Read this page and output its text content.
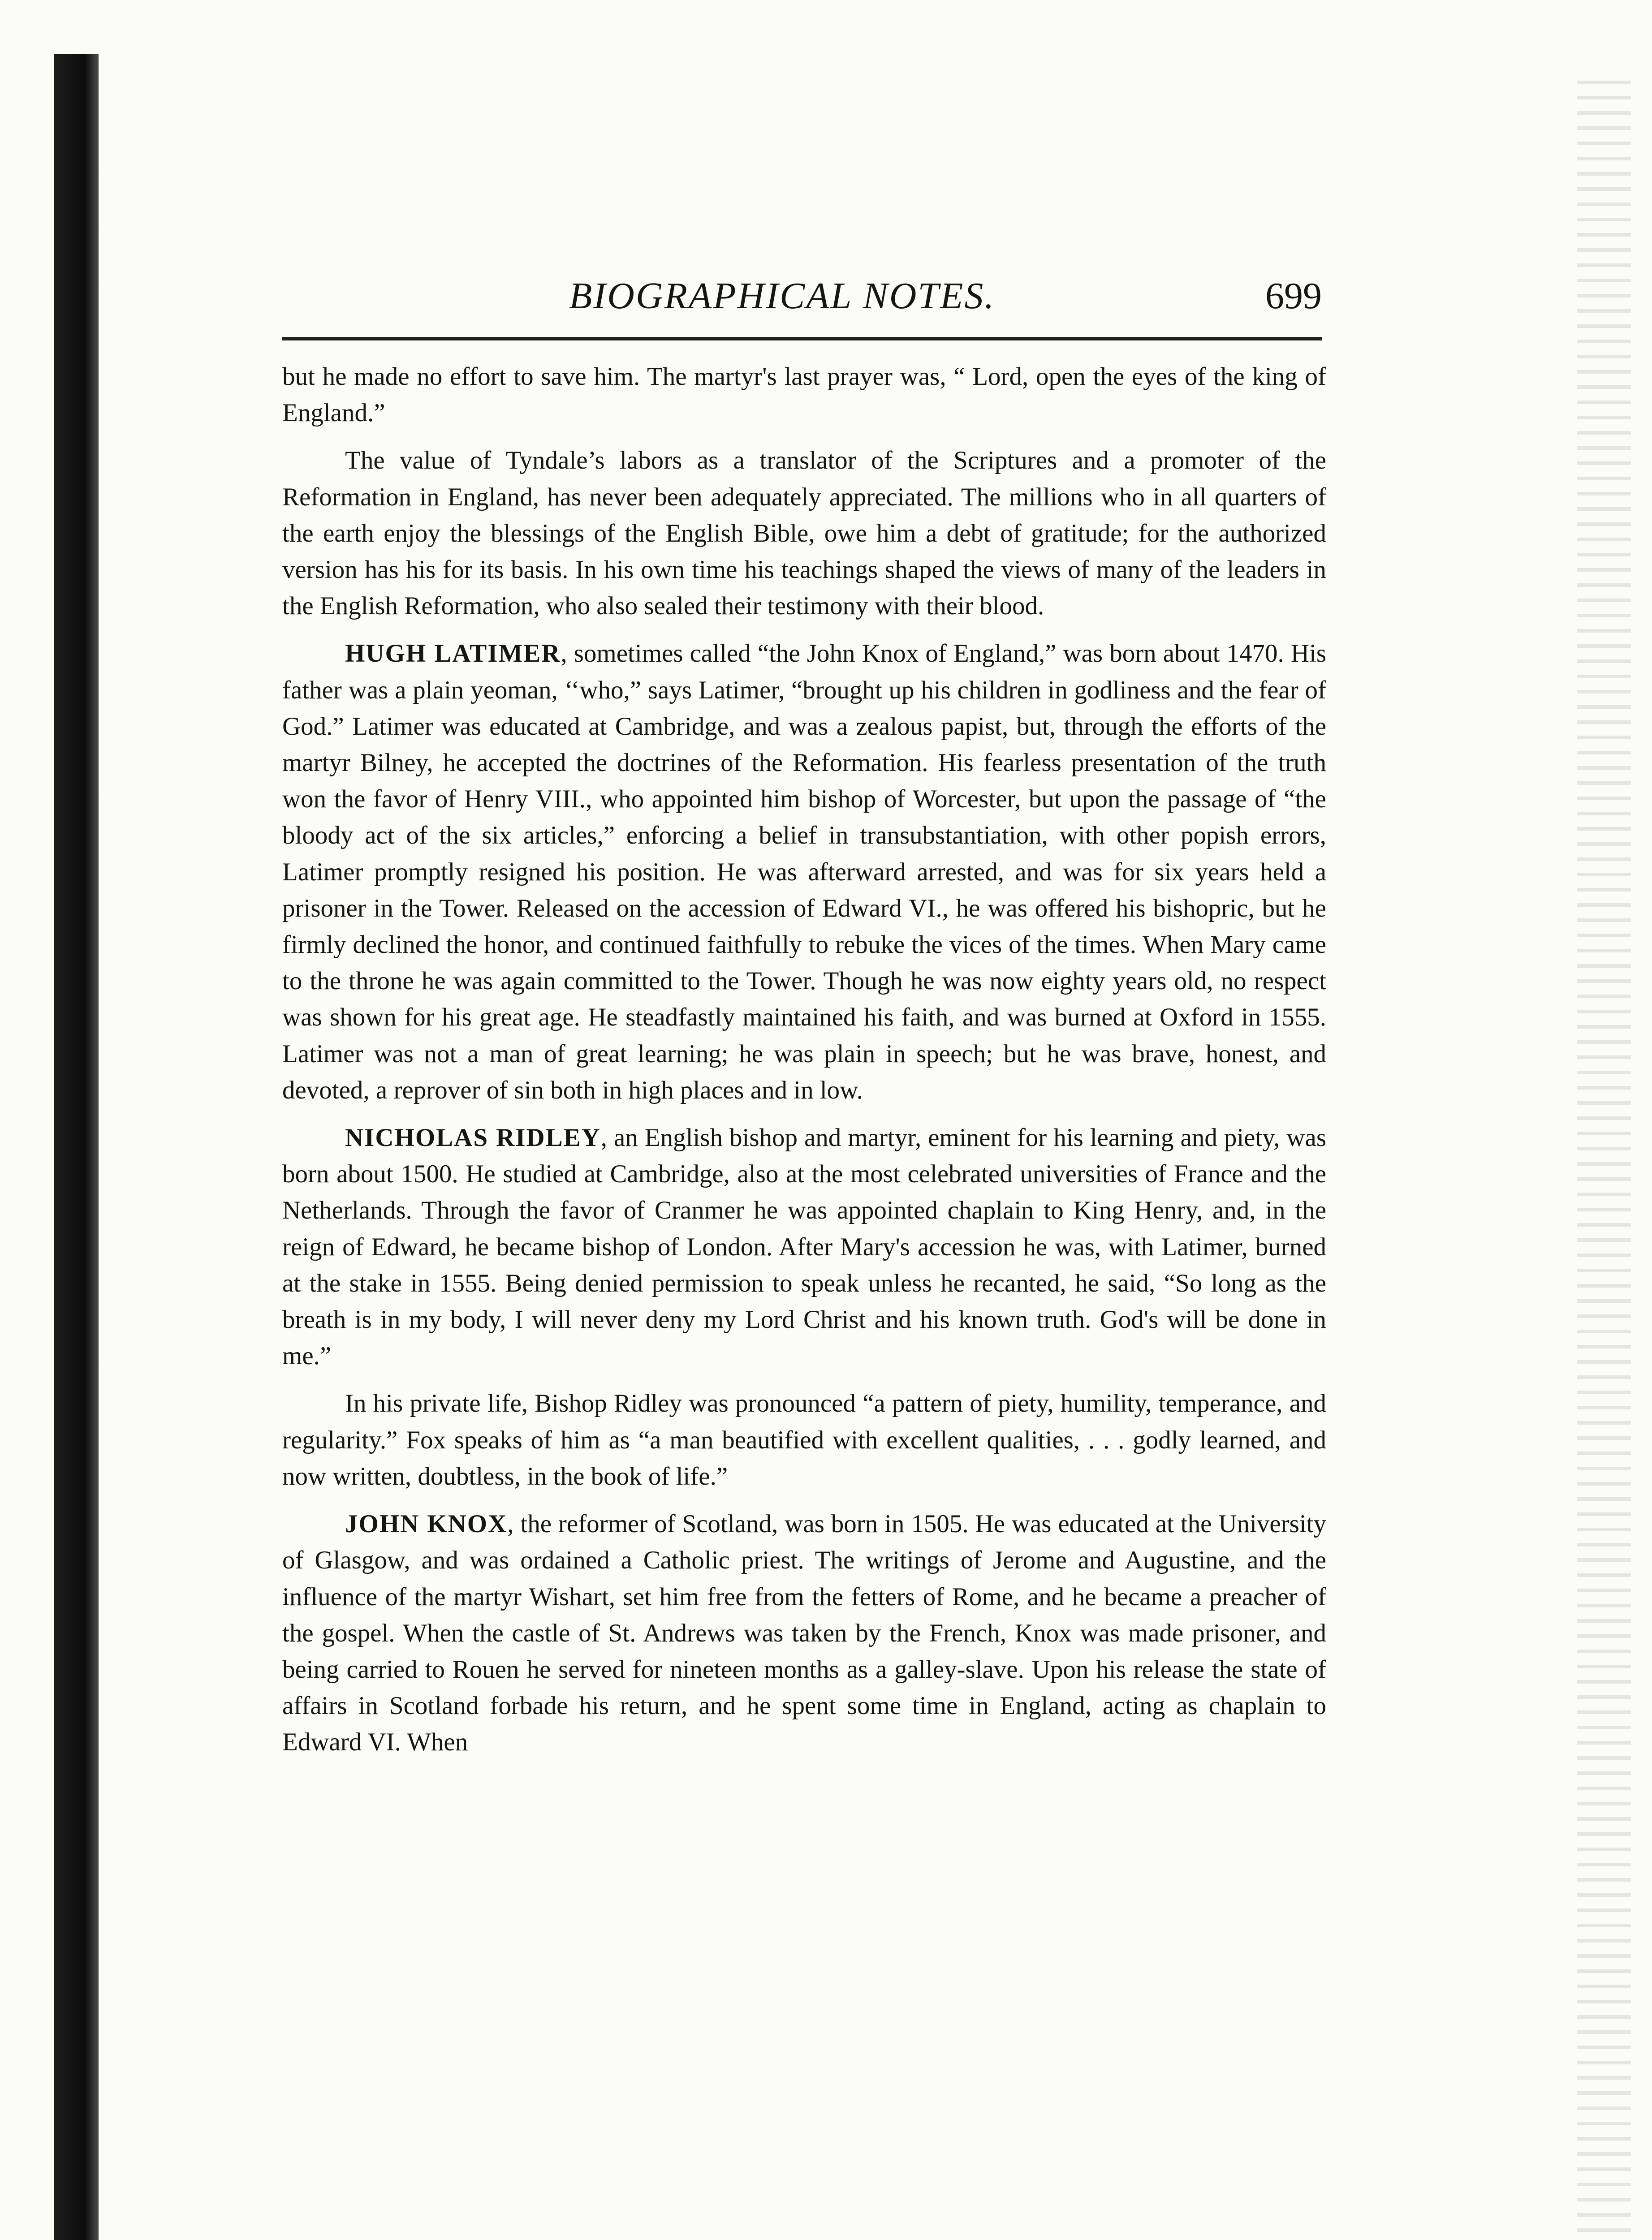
BIOGRAPHICAL NOTES.	699

but he made no effort to save him. The martyr's last prayer was, “ Lord, open the eyes of the king of England.”

The value of Tyndale’s labors as a translator of the Scriptures and a promoter of the Reformation in England, has never been adequately appreciated. The millions who in all quarters of the earth enjoy the blessings of the English Bible, owe him a debt of gratitude; for the authorized version has his for its basis. In his own time his teachings shaped the views of many of the leaders in the English Reformation, who also sealed their testimony with their blood.

HUGH LATIMER, sometimes called “the John Knox of England,” was born about 1470. His father was a plain yeoman, ‘‘who,” says Latimer, “brought up his children in godliness and the fear of God.” Latimer was educated at Cambridge, and was a zealous papist, but, through the efforts of the martyr Bilney, he accepted the doctrines of the Reformation. His fearless presentation of the truth won the favor of Henry VIII., who appointed him bishop of Worcester, but upon the passage of “the bloody act of the six articles,” enforcing a belief in transubstantiation, with other popish errors, Latimer promptly resigned his position. He was afterward arrested, and was for six years held a prisoner in the Tower. Released on the accession of Edward VI., he was offered his bishopric, but he firmly declined the honor, and continued faithfully to rebuke the vices of the times. When Mary came to the throne he was again committed to the Tower. Though he was now eighty years old, no respect was shown for his great age. He steadfastly maintained his faith, and was burned at Oxford in 1555. Latimer was not a man of great learning; he was plain in speech; but he was brave, honest, and devoted, a reprover of sin both in high places and in low.

NICHOLAS RIDLEY, an English bishop and martyr, eminent for his learning and piety, was born about 1500. He studied at Cambridge, also at the most celebrated universities of France and the Netherlands. Through the favor of Cranmer he was appointed chaplain to King Henry, and, in the reign of Edward, he became bishop of London. After Mary's accession he was, with Latimer, burned at the stake in 1555. Being denied permission to speak unless he recanted, he said, “So long as the breath is in my body, I will never deny my Lord Christ and his known truth. God's will be done in me.”

In his private life, Bishop Ridley was pronounced “a pattern of piety, humility, temperance, and regularity.” Fox speaks of him as “a man beautified with excellent qualities, . . . godly learned, and now written, doubtless, in the book of life.”

JOHN KNOX, the reformer of Scotland, was born in 1505. He was educated at the University of Glasgow, and was ordained a Catholic priest. The writings of Jerome and Augustine, and the influence of the martyr Wishart, set him free from the fetters of Rome, and he became a preacher of the gospel. When the castle of St. Andrews was taken by the French, Knox was made prisoner, and being carried to Rouen he served for nineteen months as a galley-slave. Upon his release the state of affairs in Scotland forbade his return, and he spent some time in England, acting as chaplain to Edward VI. When
